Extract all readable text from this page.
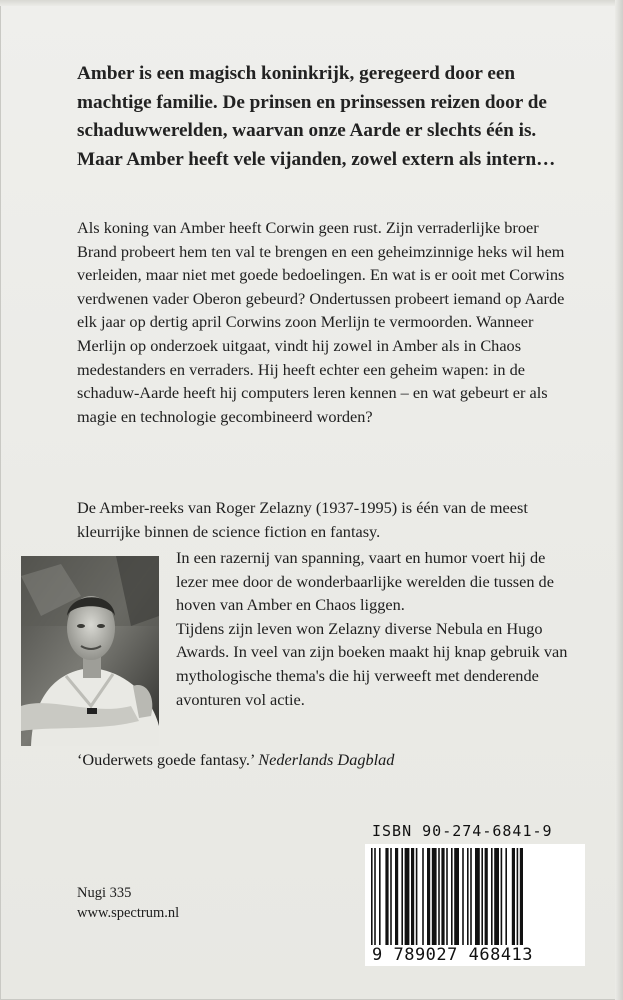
Amber is een magisch koninkrijk, geregeerd door een machtige familie. De prinsen en prinsessen reizen door de schaduwwerelden, waarvan onze Aarde er slechts één is. Maar Amber heeft vele vijanden, zowel extern als intern…
Als koning van Amber heeft Corwin geen rust. Zijn verraderlijke broer Brand probeert hem ten val te brengen en een geheimzinnige heks wil hem verleiden, maar niet met goede bedoelingen. En wat is er ooit met Corwins verdwenen vader Oberon gebeurd? Ondertussen probeert iemand op Aarde elk jaar op dertig april Corwins zoon Merlijn te vermoorden. Wanneer Merlijn op onderzoek uitgaat, vindt hij zowel in Amber als in Chaos medestanders en verraders. Hij heeft echter een geheim wapen: in de schaduw-Aarde heeft hij computers leren kennen – en wat gebeurt er als magie en technologie gecombineerd worden?
De Amber-reeks van Roger Zelazny (1937-1995) is één van de meest kleurrijke binnen de science fiction en fantasy.
In een razernij van spanning, vaart en humor voert hij de lezer mee door de wonderbaarlijke werelden die tussen de hoven van Amber en Chaos liggen.
Tijdens zijn leven won Zelazny diverse Nebula en Hugo Awards. In veel van zijn boeken maakt hij knap gebruik van mythologische thema's die hij verweeft met denderende avonturen vol actie.
‘Ouderwets goede fantasy.’ Nederlands Dagblad
ISBN 90-274-6841-9
9 789027 468413
Nugi 335
www.spectrum.nl
